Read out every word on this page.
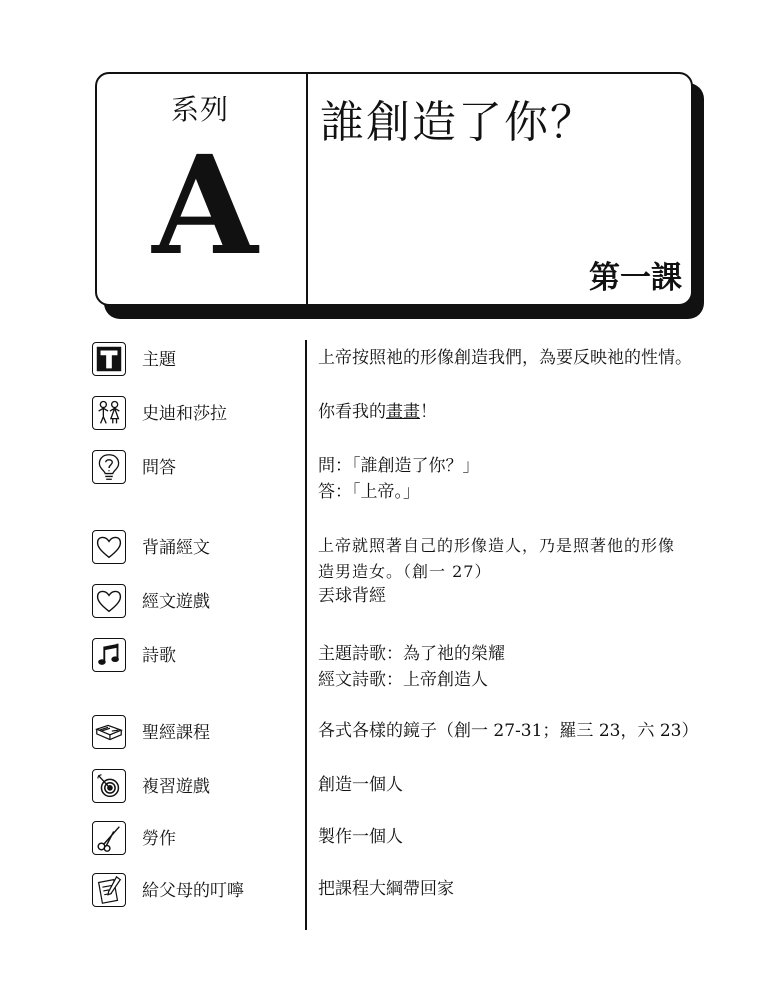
系列
A
誰創造了你？
第一課
主題	上帝按照祂的形像創造我們，為要反映祂的性情。
史迪和莎拉	你看我的畫畫！
問答	問：「誰創造了你？」
答：「上帝。」
背誦經文	上帝就照著自己的形像造人，乃是照著他的形像
造男造女。（創一 27）
經文遊戲	丟球背經
詩歌	主題詩歌：為了祂的榮耀
經文詩歌：上帝創造人
聖經課程	各式各樣的鏡子（創一 27-31；羅三 23，六 23）
複習遊戲	創造一個人
勞作	製作一個人
給父母的叮嚀	把課程大綱帶回家
